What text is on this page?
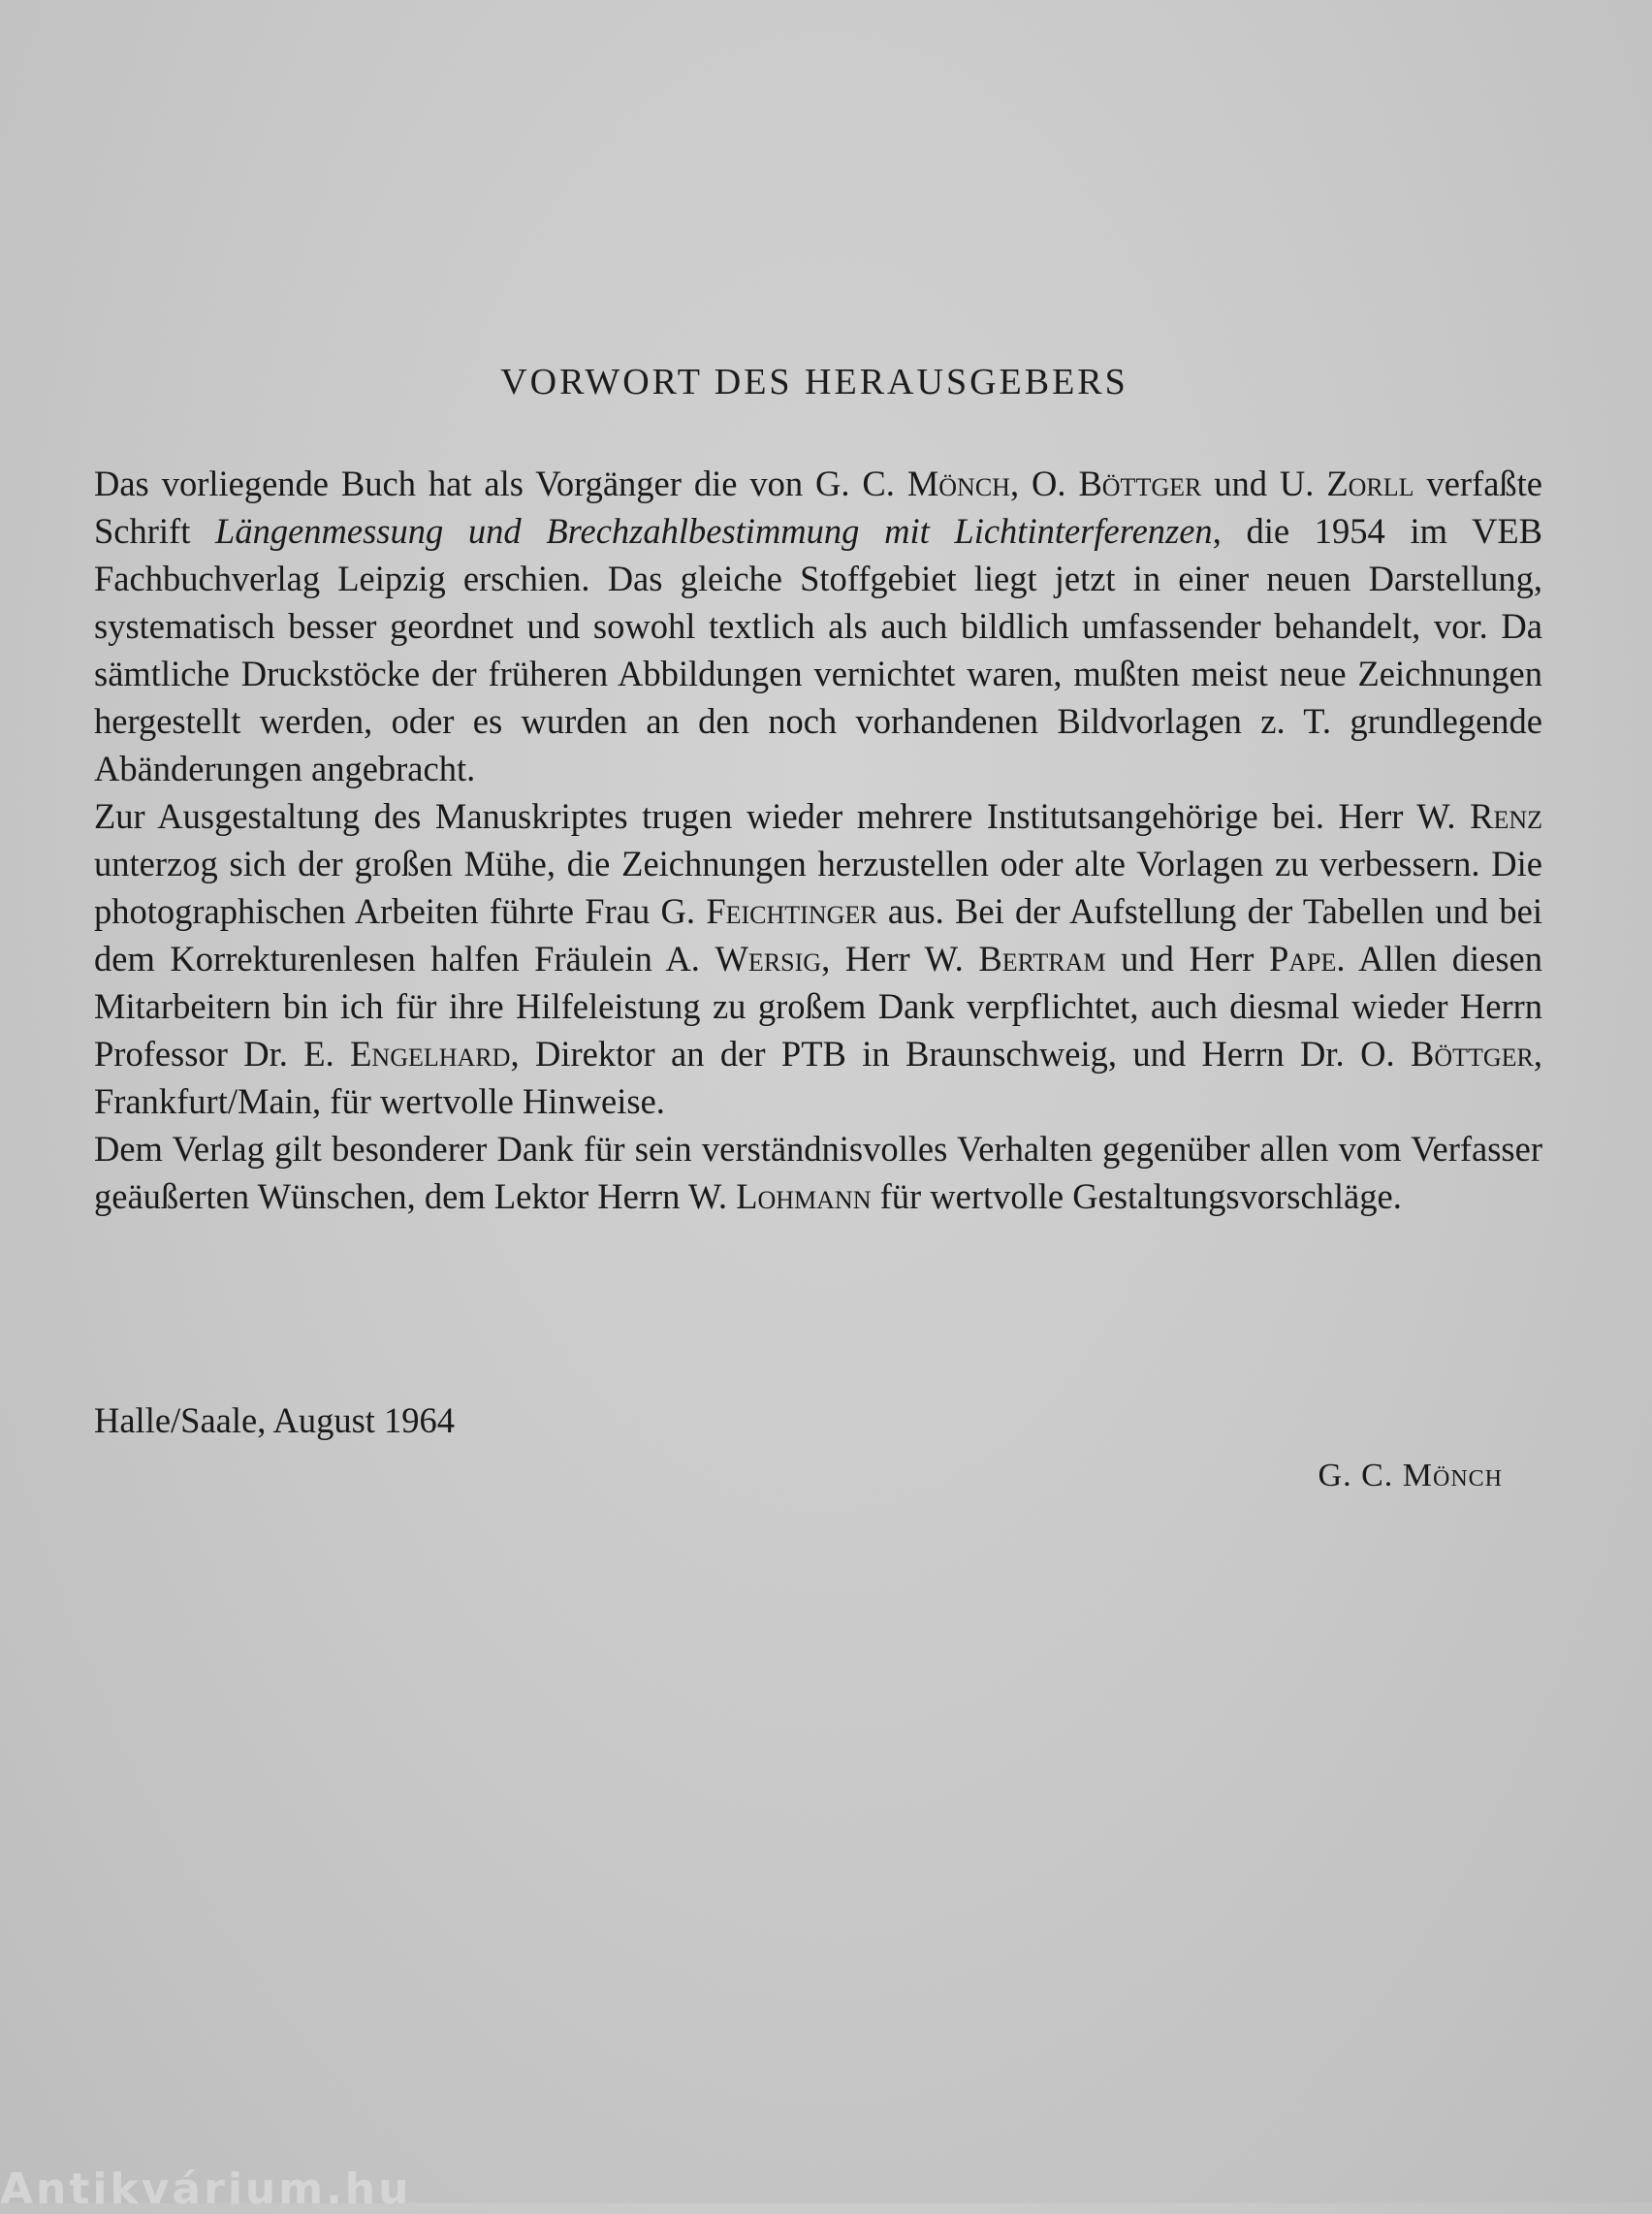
VORWORT DES HERAUSGEBERS

Das vorliegende Buch hat als Vorgänger die von G. C. Mönch, O. Böttger und U. Zorll verfaßte Schrift Längenmessung und Brechzahlbestimmung mit Lichtinterferenzen, die 1954 im VEB Fachbuchverlag Leipzig erschien. Das gleiche Stoffgebiet liegt jetzt in einer neuen Darstellung, systematisch besser geordnet und sowohl textlich als auch bildlich umfassender behandelt, vor. Da sämtliche Druckstöcke der früheren Abbildungen vernichtet waren, mußten meist neue Zeichnungen hergestellt werden, oder es wurden an den noch vorhandenen Bildvorlagen z. T. grundlegende Abänderungen angebracht.

Zur Ausgestaltung des Manuskriptes trugen wieder mehrere Institutsangehörige bei. Herr W. Renz unterzog sich der großen Mühe, die Zeichnungen herzustellen oder alte Vorlagen zu verbessern. Die photographischen Arbeiten führte Frau G. Feichtinger aus. Bei der Aufstellung der Tabellen und bei dem Korrekturenlesen halfen Fräulein A. Wersig, Herr W. Bertram und Herr Pape. Allen diesen Mitarbeitern bin ich für ihre Hilfeleistung zu großem Dank verpflichtet, auch diesmal wieder Herrn Professor Dr. E. Engelhard, Direktor an der PTB in Braunschweig, und Herrn Dr. O. Böttger, Frankfurt/Main, für wertvolle Hinweise.

Dem Verlag gilt besonderer Dank für sein verständnisvolles Verhalten gegenüber allen vom Verfasser geäußerten Wünschen, dem Lektor Herrn W. Lohmann für wertvolle Gestaltungsvorschläge.

Halle/Saale, August 1964
G. C. Mönch
Antikvárium.hu
